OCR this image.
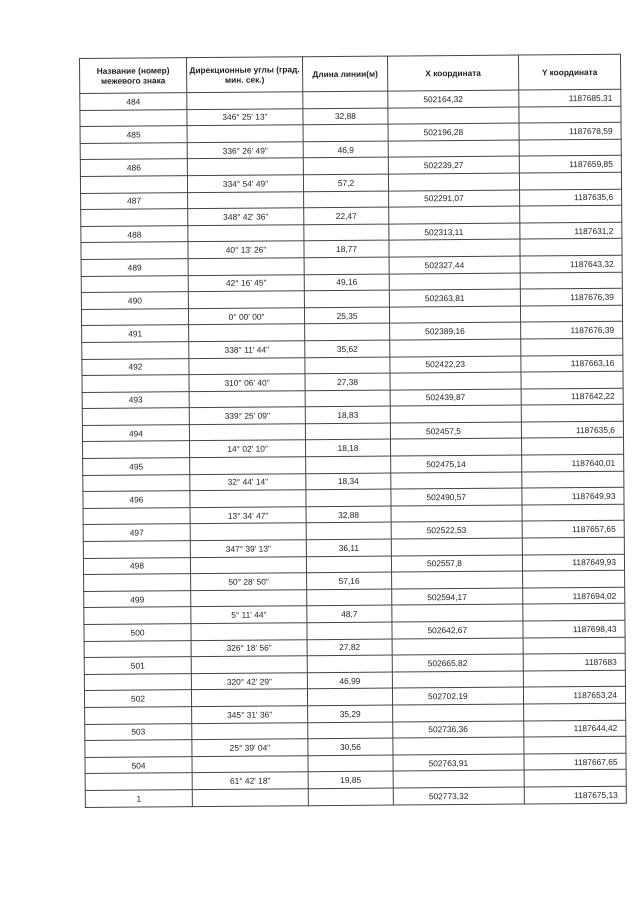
Название (номер) межевого знака	Дирекционные углы (град. мин. сек.)	Длина линии(м)	X координата	Y координата
484			502164,32	1187685,31
	346° 25' 13"	32,88		
485			502196,28	1187678,59
	336° 26' 49"	46,9		
486			502239,27	1187659,85
	334° 54' 49"	57,2		
487			502291,07	1187635,6
	348° 42' 36"	22,47		
488			502313,11	1187631,2
	40° 13' 26"	18,77		
489			502327,44	1187643,32
	42° 16' 45"	49,16		
490			502363,81	1187676,39
	0° 00' 00"	25,35		
491			502389,16	1187676,39
	338° 11' 44"	35,62		
492			502422,23	1187663,16
	310° 06' 40"	27,38		
493			502439,87	1187642,22
	339° 25' 09"	18,83		
494			502457,5	1187635,6
	14° 02' 10"	18,18		
495			502475,14	1187640,01
	32° 44' 14"	18,34		
496			502490,57	1187649,93
	13° 34' 47"	32,88		
497			502522,53	1187657,65
	347° 39' 13"	36,11		
498			502557,8	1187649,93
	50° 28' 50"	57,16		
499			502594,17	1187694,02
	5° 11' 44"	48,7		
500			502642,67	1187698,43
	326° 18' 56"	27,82		
501			502665,82	1187683
	320° 42' 29"	46,99		
502			502702,19	1187653,24
	345° 31' 36"	35,29		
503			502736,36	1187644,42
	25° 39' 04"	30,56		
504			502763,91	1187667,65
	61° 42' 18"	19,85		
1			502773,32	1187675,13
